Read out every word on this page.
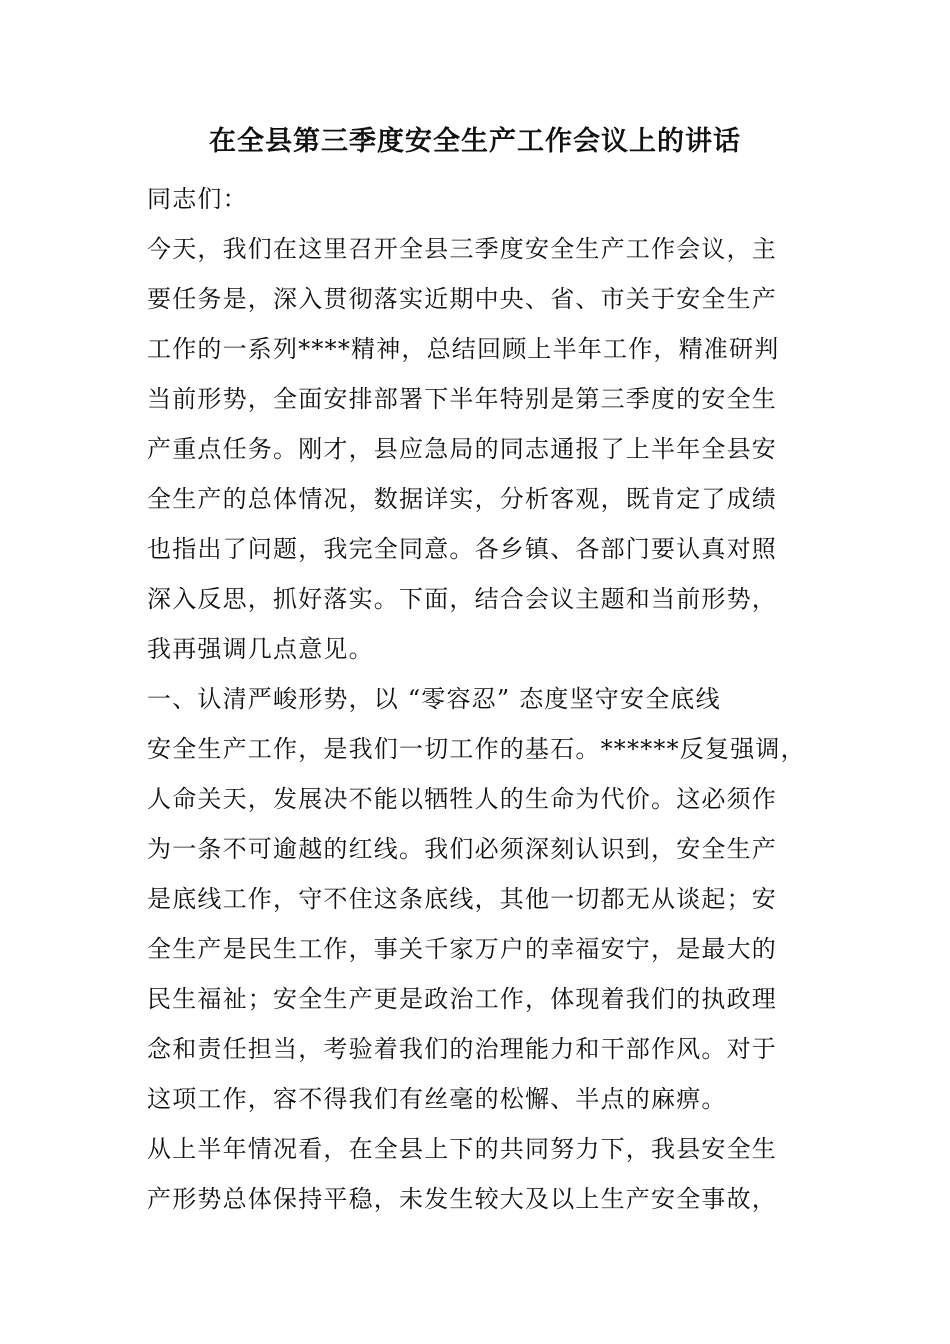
在全县第三季度安全生产工作会议上的讲话
同志们：
今天，我们在这里召开全县三季度安全生产工作会议，主
要任务是，深入贯彻落实近期中央、省、市关于安全生产
工作的一系列****精神，总结回顾上半年工作，精准研判
当前形势，全面安排部署下半年特别是第三季度的安全生
产重点任务。刚才，县应急局的同志通报了上半年全县安
全生产的总体情况，数据详实，分析客观，既肯定了成绩
也指出了问题，我完全同意。各乡镇、各部门要认真对照
深入反思，抓好落实。下面，结合会议主题和当前形势，
我再强调几点意见。
一、认清严峻形势，以 “零容忍” 态度坚守安全底线
安全生产工作，是我们一切工作的基石。******反复强调，
人命关天，发展决不能以牺牲人的生命为代价。这必须作
为一条不可逾越的红线。我们必须深刻认识到，安全生产
是底线工作，守不住这条底线，其他一切都无从谈起；安
全生产是民生工作，事关千家万户的幸福安宁，是最大的
民生福祉；安全生产更是政治工作，体现着我们的执政理
念和责任担当，考验着我们的治理能力和干部作风。对于
这项工作，容不得我们有丝毫的松懈、半点的麻痹。
从上半年情况看，在全县上下的共同努力下，我县安全生
产形势总体保持平稳，未发生较大及以上生产安全事故，
